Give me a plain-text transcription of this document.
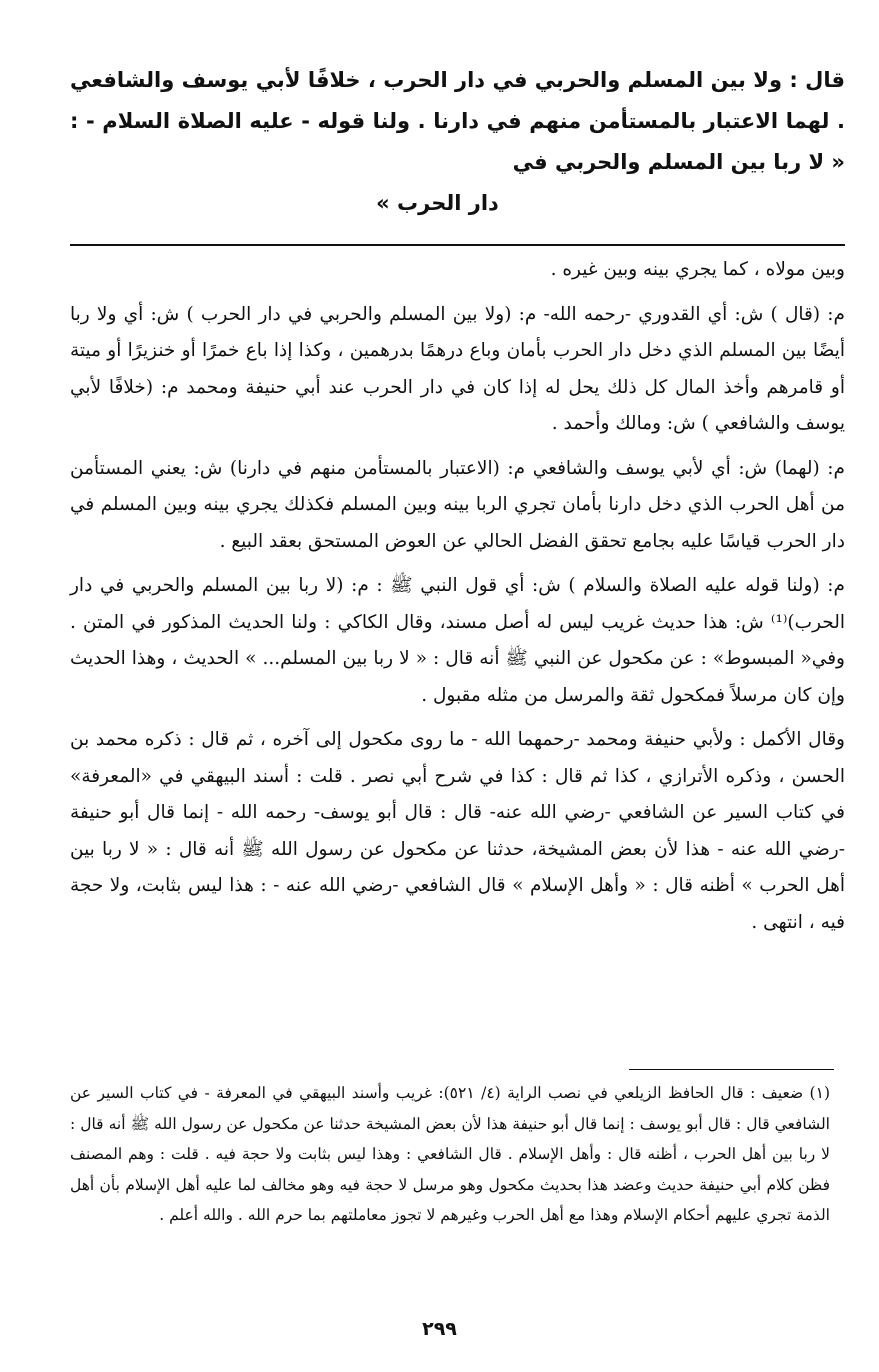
قال : ولا بين المسلم والحربي في دار الحرب ، خلافًا لأبي يوسف والشافعي . لهما الاعتبار بالمستأمن منهم في دارنا . ولنا قوله - عليه الصلاة السلام - : « لا ربا بين المسلم والحربي في
دار الحرب »

وبين مولاه ، كما يجري بينه وبين غيره .

م: (قال ) ش: أي القدوري -رحمه الله- م: (ولا بين المسلم والحربي في دار الحرب ) ش: أي ولا ربا أيضًا بين المسلم الذي دخل دار الحرب بأمان وباع درهمًا بدرهمين ، وكذا إذا باع خمرًا أو خنزيرًا أو ميتة أو قامرهم وأخذ المال كل ذلك يحل له إذا كان في دار الحرب عند أبي حنيفة ومحمد م: (خلافًا لأبي يوسف والشافعي ) ش: ومالك وأحمد .

م: (لهما) ش: أي لأبي يوسف والشافعي م: (الاعتبار بالمستأمن منهم في دارنا) ش: يعني المستأمن من أهل الحرب الذي دخل دارنا بأمان تجري الربا بينه وبين المسلم فكذلك يجري بينه وبين المسلم في دار الحرب قياسًا عليه بجامع تحقق الفضل الحالي عن العوض المستحق بعقد البيع .

م: (ولنا قوله عليه الصلاة والسلام ) ش: أي قول النبي ﷺ : م: (لا ربا بين المسلم والحربي في دار الحرب)⁽¹⁾ ش: هذا حديث غريب ليس له أصل مسند، وقال الكاكي : ولنا الحديث المذكور في المتن . وفي« المبسوط» : عن مكحول عن النبي ﷺ أنه قال : « لا ربا بين المسلم... » الحديث ، وهذا الحديث وإن كان مرسلاً فمكحول ثقة والمرسل من مثله مقبول .

وقال الأكمل : ولأبي حنيفة ومحمد -رحمهما الله - ما روى مكحول إلى آخره ، ثم قال : ذكره محمد بن الحسن ، وذكره الأترازي ، كذا ثم قال : كذا في شرح أبي نصر . قلت : أسند البيهقي في «المعرفة» في كتاب السير عن الشافعي -رضي الله عنه- قال : قال أبو يوسف- رحمه الله - إنما قال أبو حنيفة -رضي الله عنه - هذا لأن بعض المشيخة، حدثنا عن مكحول عن رسول الله ﷺ أنه قال : « لا ربا بين أهل الحرب » أظنه قال : « وأهل الإسلام » قال الشافعي -رضي الله عنه - : هذا ليس بثابت، ولا حجة فيه ، انتهى .

(١) ضعيف : قال الحافظ الزيلعي في نصب الراية (٤/ ٥٢١): غريب وأسند البيهقي في المعرفة - في كتاب السير عن الشافعي قال : قال أبو يوسف : إنما قال أبو حنيفة هذا لأن بعض المشيخة حدثنا عن مكحول عن رسول الله ﷺ أنه قال : لا ربا بين أهل الحرب ، أظنه قال : وأهل الإسلام . قال الشافعي : وهذا ليس بثابت ولا حجة فيه . قلت : وهم المصنف فظن كلام أبي حنيفة حديث وعضد هذا بحديث مكحول وهو مرسل لا حجة فيه وهو مخالف لما عليه أهل الإسلام بأن أهل الذمة تجري عليهم أحكام الإسلام وهذا مع أهل الحرب وغيرهم لا تجوز معاملتهم بما حرم الله . والله أعلم .
٢٩٩
